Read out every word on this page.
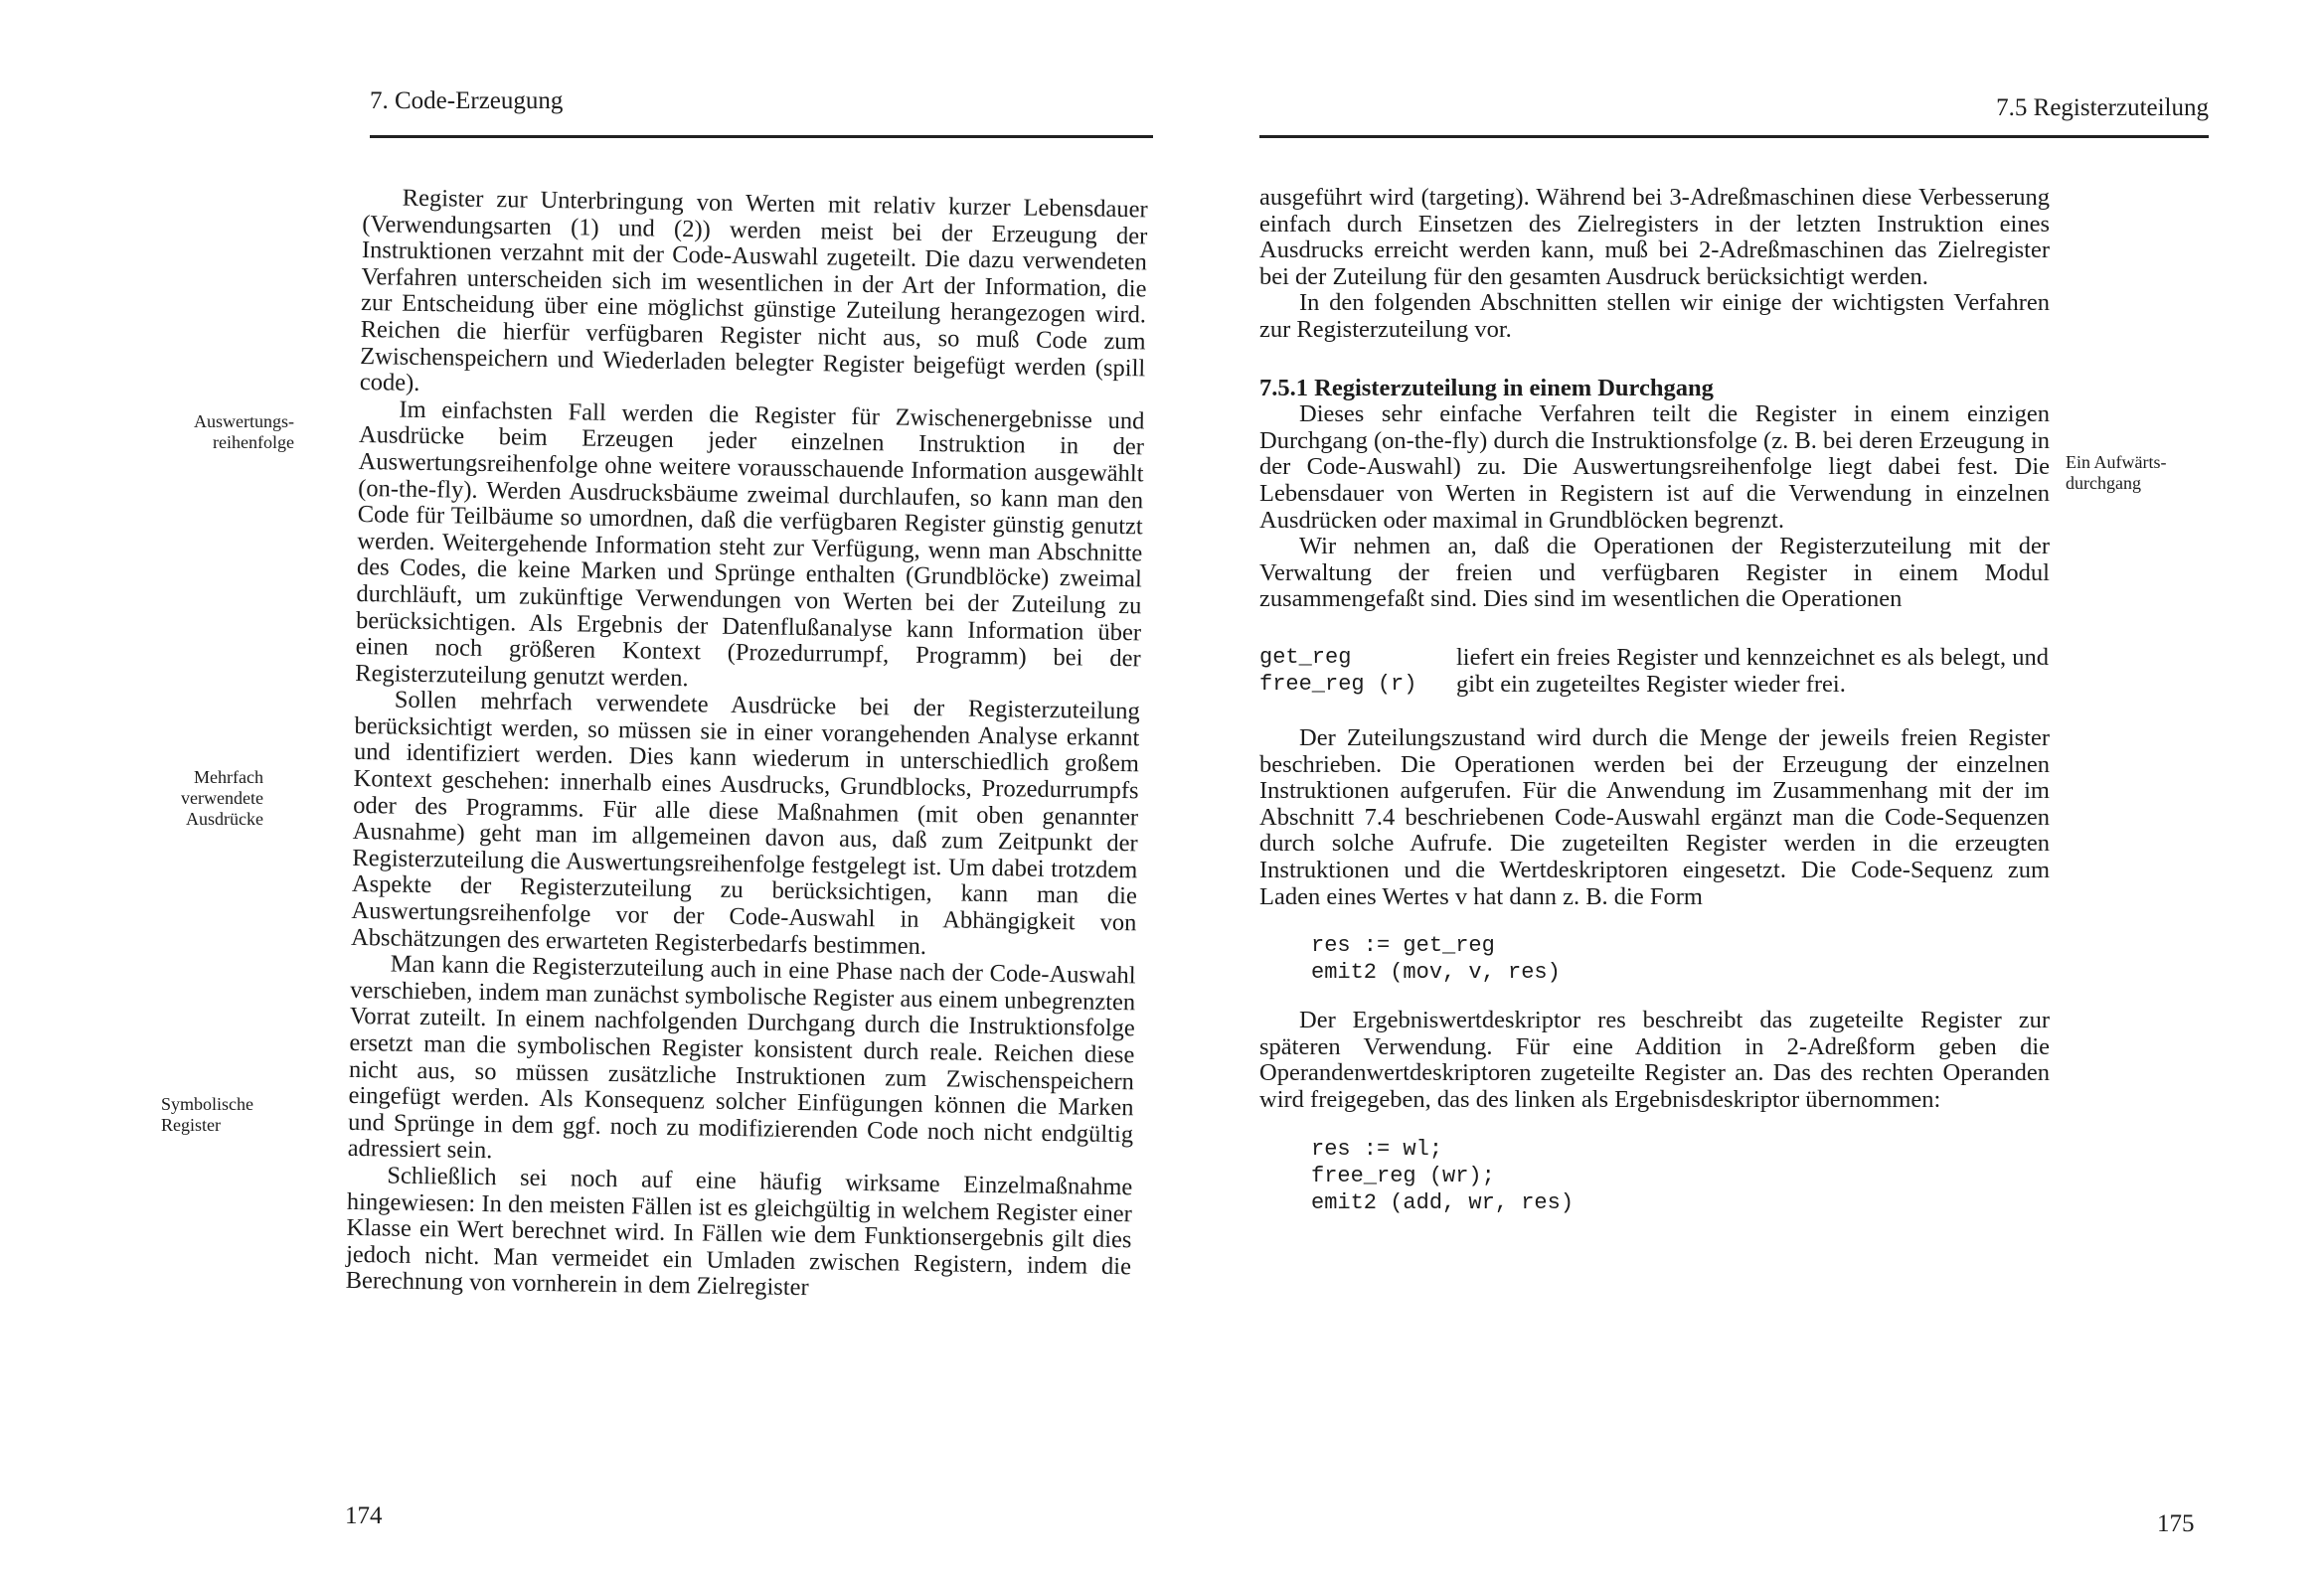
7. Code-Erzeugung
Auswertungs-
reihenfolge
Mehrfach
verwendete
Ausdrücke
Symbolische
Register

Register zur Unterbringung von Werten mit relativ kurzer Lebensdauer (Verwendungsarten (1) und (2)) werden meist bei der Erzeugung der Instruktionen verzahnt mit der Code-Auswahl zugeteilt. Die dazu verwendeten Verfahren unterscheiden sich im wesentlichen in der Art der Information, die zur Entscheidung über eine möglichst günstige Zuteilung herangezogen wird. Reichen die hierfür verfügbaren Register nicht aus, so muß Code zum Zwischenspeichern und Wiederladen belegter Register beigefügt werden (spill code).

Im einfachsten Fall werden die Register für Zwischenergebnisse und Ausdrücke beim Erzeugen jeder einzelnen Instruktion in der Auswertungsreihenfolge ohne weitere vorausschauende Information ausgewählt (on-the-fly). Werden Ausdrucksbäume zweimal durchlaufen, so kann man den Code für Teilbäume so umordnen, daß die verfügbaren Register günstig genutzt werden. Weitergehende Information steht zur Verfügung, wenn man Abschnitte des Codes, die keine Marken und Sprünge enthalten (Grundblöcke) zweimal durchläuft, um zukünftige Verwendungen von Werten bei der Zuteilung zu berücksichtigen. Als Ergebnis der Datenflußanalyse kann Information über einen noch größeren Kontext (Prozedurrumpf, Programm) bei der Registerzuteilung genutzt werden.

Sollen mehrfach verwendete Ausdrücke bei der Registerzuteilung berücksichtigt werden, so müssen sie in einer vorangehenden Analyse erkannt und identifiziert werden. Dies kann wiederum in unterschiedlich großem Kontext geschehen: innerhalb eines Ausdrucks, Grundblocks, Prozedurrumpfs oder des Programms. Für alle diese Maßnahmen (mit oben genannter Ausnahme) geht man im allgemeinen davon aus, daß zum Zeitpunkt der Registerzuteilung die Auswertungsreihenfolge festgelegt ist. Um dabei trotzdem Aspekte der Registerzuteilung zu berücksichtigen, kann man die Auswertungsreihenfolge vor der Code-Auswahl in Abhängigkeit von Abschätzungen des erwarteten Registerbedarfs bestimmen.

Man kann die Registerzuteilung auch in eine Phase nach der Code-Auswahl verschieben, indem man zunächst symbolische Register aus einem unbegrenzten Vorrat zuteilt. In einem nachfolgenden Durchgang durch die Instruktionsfolge ersetzt man die symbolischen Register konsistent durch reale. Reichen diese nicht aus, so müssen zusätzliche Instruktionen zum Zwischenspeichern eingefügt werden. Als Konsequenz solcher Einfügungen können die Marken und Sprünge in dem ggf. noch zu modifizierenden Code noch nicht endgültig adressiert sein.

Schließlich sei noch auf eine häufig wirksame Einzelmaßnahme hingewiesen: In den meisten Fällen ist es gleichgültig in welchem Register einer Klasse ein Wert berechnet wird. In Fällen wie dem Funktionsergebnis gilt dies jedoch nicht. Man vermeidet ein Umladen zwischen Registern, indem die Berechnung von vornherein in dem Zielregister

174
7.5 Registerzuteilung
Ein Aufwärts-
durchgang

ausgeführt wird (targeting). Während bei 3-Adreßmaschinen diese Verbesserung einfach durch Einsetzen des Zielregisters in der letzten Instruktion eines Ausdrucks erreicht werden kann, muß bei 2-Adreßmaschinen das Zielregister bei der Zuteilung für den gesamten Ausdruck berücksichtigt werden.

In den folgenden Abschnitten stellen wir einige der wichtigsten Verfahren zur Registerzuteilung vor.

7.5.1 Registerzuteilung in einem Durchgang

Dieses sehr einfache Verfahren teilt die Register in einem einzigen Durchgang (on-the-fly) durch die Instruktionsfolge (z. B. bei deren Erzeugung in der Code-Auswahl) zu. Die Auswertungsreihenfolge liegt dabei fest. Die Lebensdauer von Werten in Registern ist auf die Verwendung in einzelnen Ausdrücken oder maximal in Grundblöcken begrenzt.

Wir nehmen an, daß die Operationen der Registerzuteilung mit der Verwaltung der freien und verfügbaren Register in einem Modul zusammengefaßt sind. Dies sind im wesentlichen die Operationen

get_reg	liefert ein freies Register und kennzeichnet es als belegt, und
free_reg (r)	gibt ein zugeteiltes Register wieder frei.

Der Zuteilungszustand wird durch die Menge der jeweils freien Register beschrieben. Die Operationen werden bei der Erzeugung der einzelnen Instruktionen aufgerufen. Für die Anwendung im Zusammenhang mit der im Abschnitt 7.4 beschriebenen Code-Auswahl ergänzt man die Code-Sequenzen durch solche Aufrufe. Die zugeteilten Register werden in die erzeugten Instruktionen und die Wertdeskriptoren eingesetzt. Die Code-Sequenz zum Laden eines Wertes v hat dann z. B. die Form

res := get_reg
emit2 (mov, v, res)

Der Ergebniswertdeskriptor res beschreibt das zugeteilte Register zur späteren Verwendung. Für eine Addition in 2-Adreßform geben die Operandenwertdeskriptoren zugeteilte Register an. Das des rechten Operanden wird freigegeben, das des linken als Ergebnisdeskriptor übernommen:

res := wl;
free_reg (wr);
emit2 (add, wr, res)
175
